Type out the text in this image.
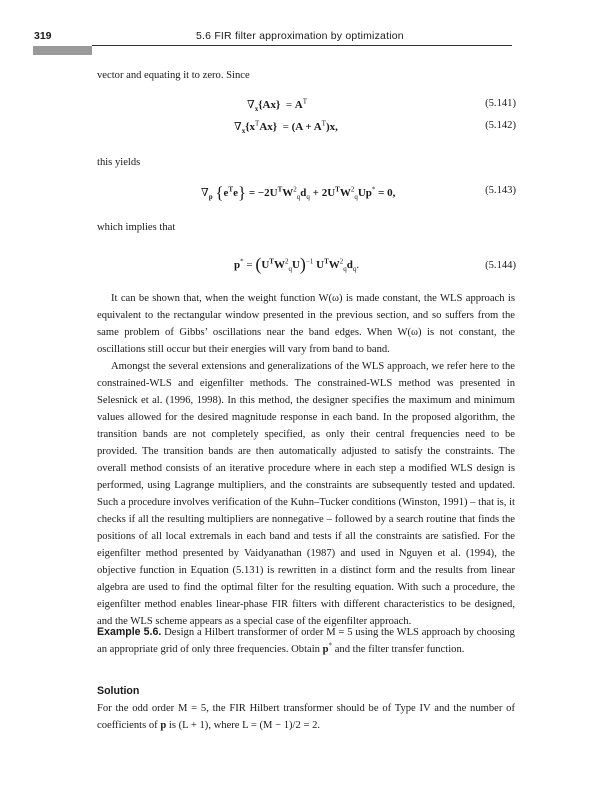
319	5.6 FIR filter approximation by optimization
vector and equating it to zero. Since
$\nabla_x\{Ax\} = A^T$	(5.141)
$\nabla_x\{x^TAx\} = (A + A^T)x$,	(5.142)
this yields
$\nabla_p$ $\{e^Te\} = -2U^TW^2_qd_q + 2U^TW^2_qUp^* = 0$,	(5.143)
which implies that
$p^* = (U^TW^2_qU)^{-1}$ $U^TW^2_qd_q$.	(5.144)

It can be shown that, when the weight function W(ω) is made constant, the WLS approach is equivalent to the rectangular window presented in the previous section, and so suffers from the same problem of Gibbs’ oscillations near the band edges. When W(ω) is not constant, the oscillations still occur but their energies will vary from band to band.

Amongst the several extensions and generalizations of the WLS approach, we refer here to the constrained-WLS and eigenfilter methods. The constrained-WLS method was presented in Selesnick et al. (1996, 1998). In this method, the designer specifies the maximum and minimum values allowed for the desired magnitude response in each band. In the proposed algorithm, the transition bands are not completely specified, as only their central frequencies need to be provided. The transition bands are then automatically adjusted to satisfy the constraints. The overall method consists of an iterative procedure where in each step a modified WLS design is performed, using Lagrange multipliers, and the constraints are subsequently tested and updated. Such a procedure involves verification of the Kuhn–Tucker conditions (Winston, 1991) – that is, it checks if all the resulting multipliers are nonnegative – followed by a search routine that finds the positions of all local extremals in each band and tests if all the constraints are satisfied. For the eigenfilter method presented by Vaidyanathan (1987) and used in Nguyen et al. (1994), the objective function in Equation (5.131) is rewritten in a distinct form and the results from linear algebra are used to find the optimal filter for the resulting equation. With such a procedure, the eigenfilter method enables linear-phase FIR filters with different characteristics to be designed, and the WLS scheme appears as a special case of the eigenfilter approach.

Example 5.6. Design a Hilbert transformer of order M = 5 using the WLS approach by choosing an appropriate grid of only three frequencies. Obtain p* and the filter transfer function.
Solution
For the odd order M = 5, the FIR Hilbert transformer should be of Type IV and the number of coefficients of p is (L + 1), where L = (M − 1)/2 = 2.
